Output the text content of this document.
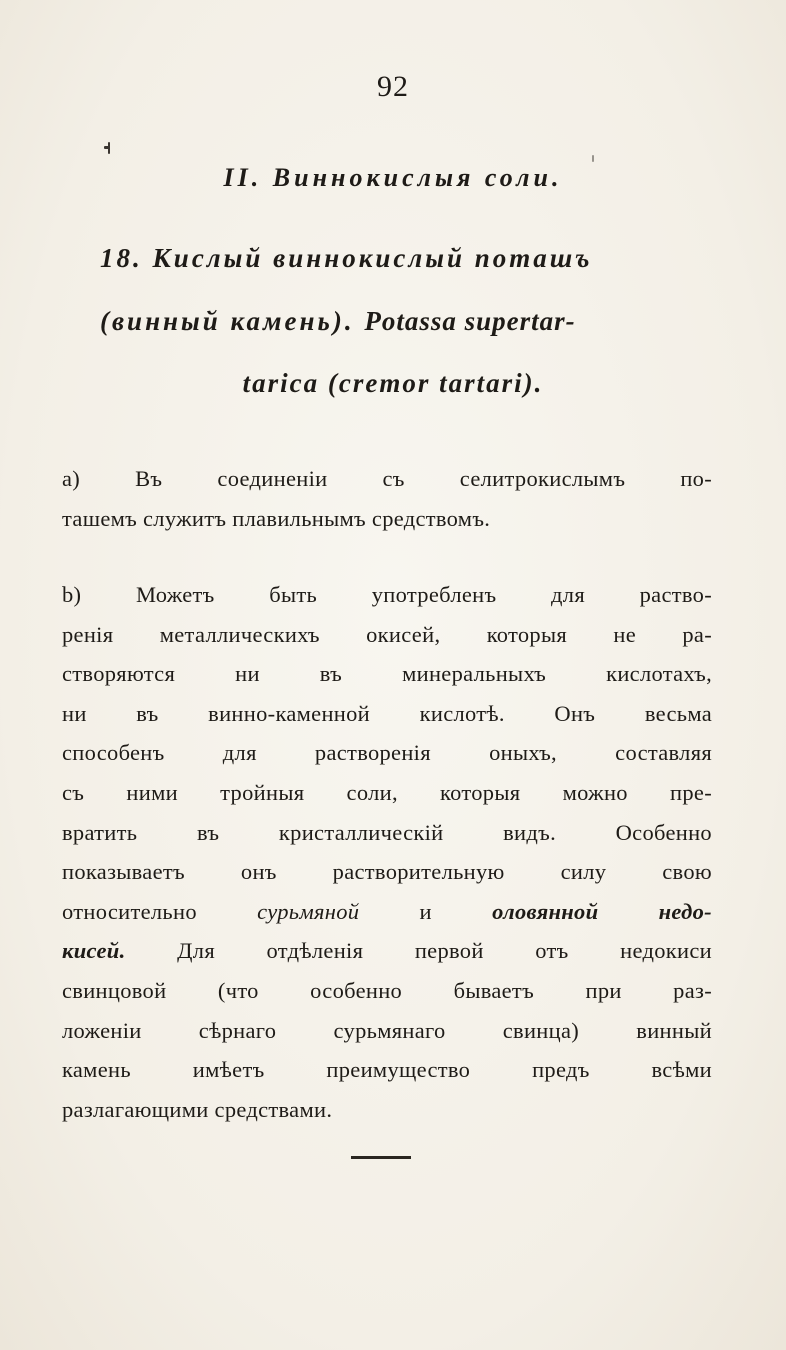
92
II. Виннокислыя соли.
18. Кислый виннокислый поташъ
(винный камень). Potassa supertar-
tarica (cremor tartari).
a) Въ соединеніи съ селитрокислымъ по-
ташемъ служитъ плавильнымъ средствомъ.
b) Можетъ быть употребленъ для раство-
ренія металлическихъ окисей, которыя не ра-
створяются ни въ минеральныхъ кислотахъ,
ни въ винно-каменной кислотѣ. Онъ весьма
способенъ для растворенія оныхъ, составляя
съ ними тройныя соли, которыя можно пре-
вратить въ кристаллическій видъ. Особенно
показываетъ онъ растворительную силу свою
относительно	сурьмяной	и	оловянной недо-
кисей. Для отдѣленія первой отъ недокиси
свинцовой (что особенно бываетъ при раз-
ложеніи сѣрнаго сурьмянаго свинца) винный
камень имѣетъ преимущество предъ всѣми
разлагающими средствами.
